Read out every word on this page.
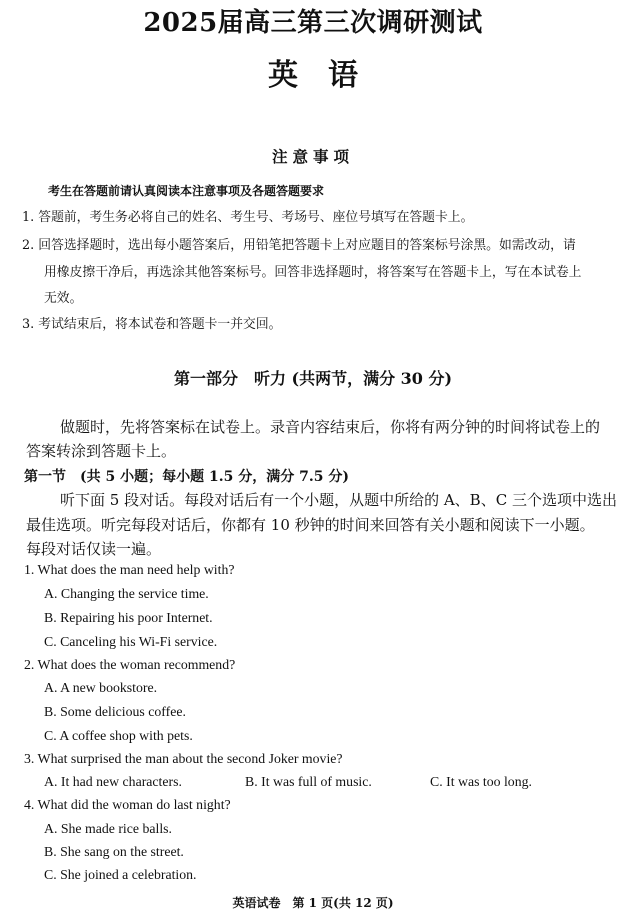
2025届高三第三次调研测试
英语
注意事项
考生在答题前请认真阅读本注意事项及各题答题要求
1. 答题前，考生务必将自己的姓名、考生号、考场号、座位号填写在答题卡上。
2. 回答选择题时，选出每小题答案后，用铅笔把答题卡上对应题目的答案标号涂黑。如需改动，请
用橡皮擦干净后，再选涂其他答案标号。回答非选择题时，将答案写在答题卡上，写在本试卷上
无效。
3. 考试结束后，将本试卷和答题卡一并交回。
第一部分　听力 (共两节，满分 30 分)
做题时，先将答案标在试卷上。录音内容结束后，你将有两分钟的时间将试卷上的
答案转涂到答题卡上。
第一节　(共 5 小题；每小题 1.5 分，满分 7.5 分)
听下面 5 段对话。每段对话后有一个小题，从题中所给的 A、B、C 三个选项中选出
最佳选项。听完每段对话后，你都有 10 秒钟的时间来回答有关小题和阅读下一小题。
每段对话仅读一遍。
1. What does the man need help with?
A. Changing the service time.
B. Repairing his poor Internet.
C. Canceling his Wi-Fi service.
2. What does the woman recommend?
A. A new bookstore.
B. Some delicious coffee.
C. A coffee shop with pets.
3. What surprised the man about the second Joker movie?
A. It had new characters.	B. It was full of music.	C. It was too long.
4. What did the woman do last night?
A. She made rice balls.
B. She sang on the street.
C. She joined a celebration.
英语试卷　第 1 页(共 12 页)
